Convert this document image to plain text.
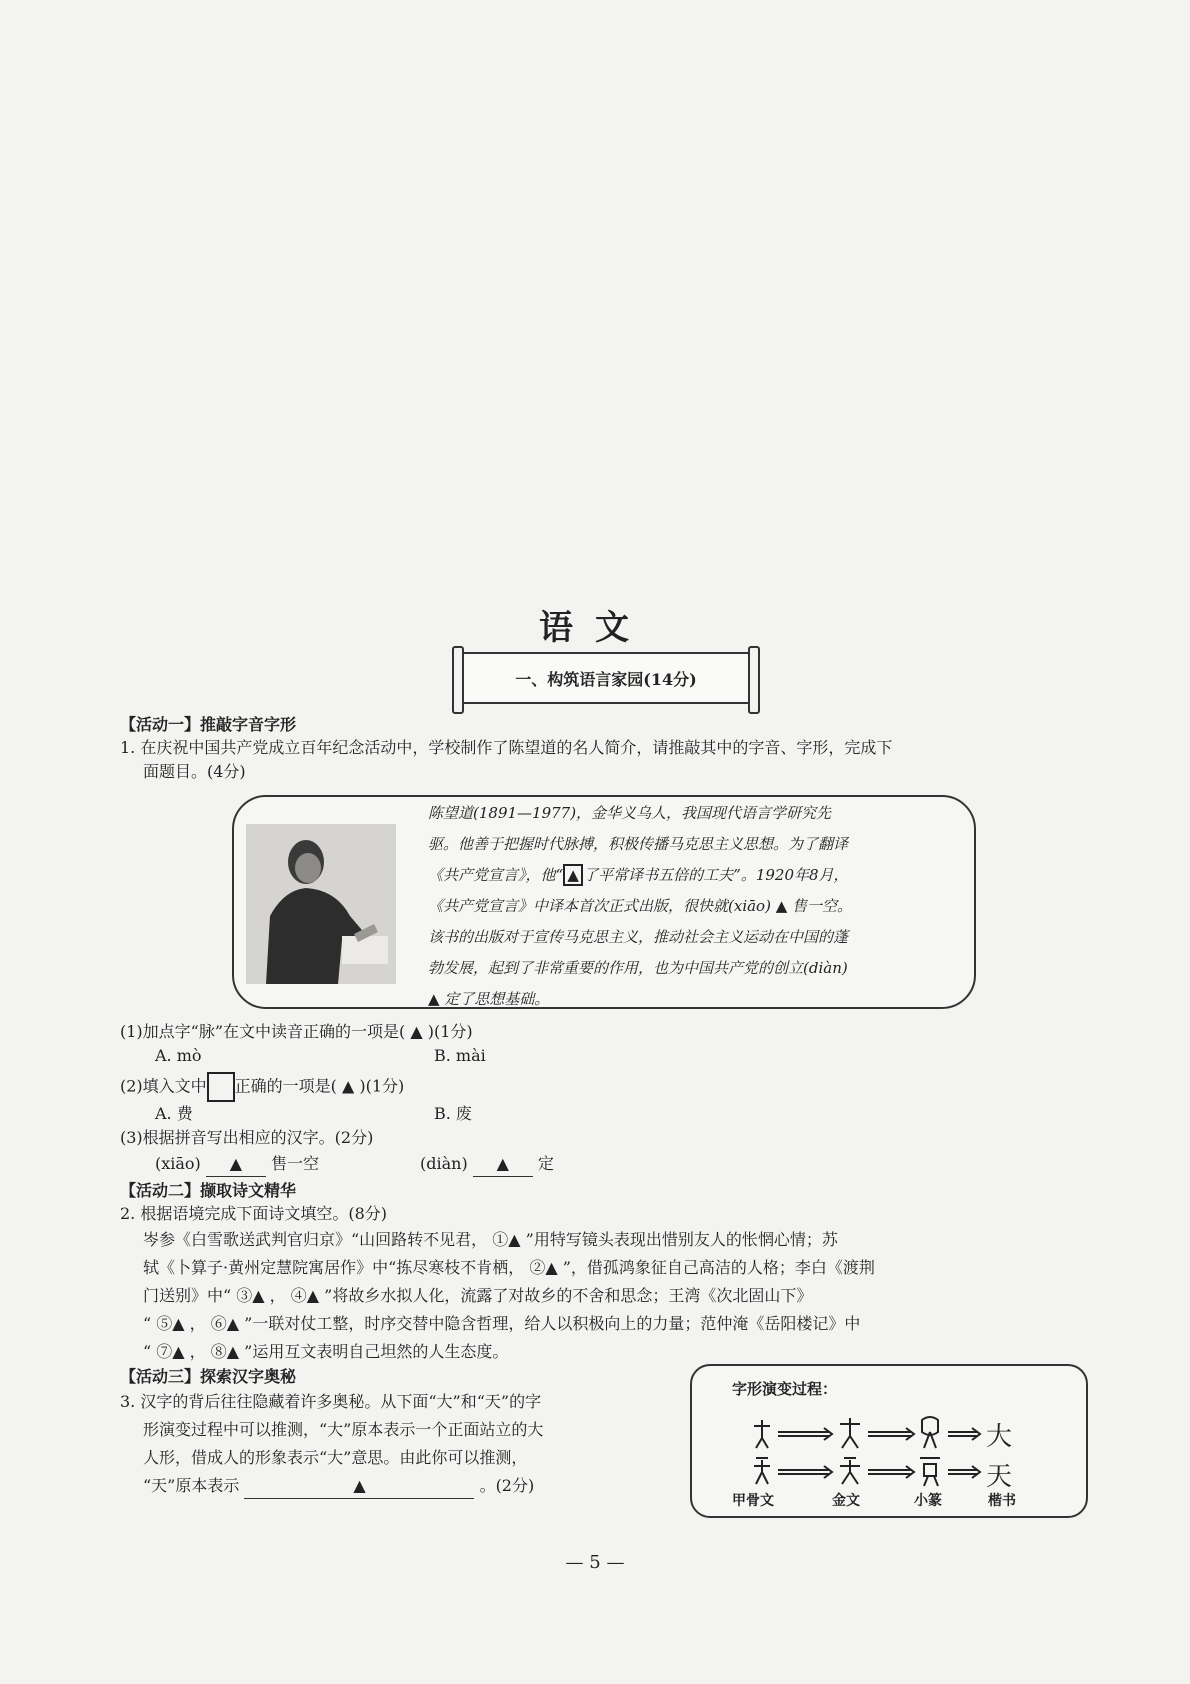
语文
一、构筑语言家园(14分)
【活动一】推敲字音字形
1. 在庆祝中国共产党成立百年纪念活动中，学校制作了陈望道的名人简介，请推敲其中的字音、字形，完成下
面题目。(4分)
陈望道(1891—1977)，金华义乌人，我国现代语言学研究先
驱。他善于把握时代脉搏，积极传播马克思主义思想。为了翻译
《共产党宣言》，他“ ▲ 了平常译书五倍的工夫”。1920年8月，
《共产党宣言》中译本首次正式出版，很快就(xiāo) ▲ 售一空。
该书的出版对于宣传马克思主义，推动社会主义运动在中国的蓬
勃发展，起到了非常重要的作用，也为中国共产党的创立(diàn)
▲ 定了思想基础。
(1)加点字“脉”在文中读音正确的一项是( ▲ )(1分)
A. mò	B. mài
(2)填入文中 正确的一项是( ▲ )(1分)
A. 费	B. 废
(3)根据拼音写出相应的汉字。(2分)
(xiāo) ▲ 售一空	(diàn) ▲ 定
【活动二】撷取诗文精华
2. 根据语境完成下面诗文填空。(8分)
岑参《白雪歌送武判官归京》“山回路转不见君， ①▲ ”用特写镜头表现出惜别友人的怅惘心情；苏
轼《卜算子·黄州定慧院寓居作》中“拣尽寒枝不肯栖， ②▲ ”，借孤鸿象征自己高洁的人格；李白《渡荆
门送别》中“ ③▲ ， ④▲ ”将故乡水拟人化，流露了对故乡的不舍和思念；王湾《次北固山下》
“ ⑤▲ ， ⑥▲ ”一联对仗工整，时序交替中隐含哲理，给人以积极向上的力量；范仲淹《岳阳楼记》中
“ ⑦▲ ， ⑧▲ ”运用互文表明自己坦然的人生态度。
【活动三】探索汉字奥秘
3. 汉字的背后往往隐藏着许多奥秘。从下面“大”和“天”的字
形演变过程中可以推测，“大”原本表示一个正面站立的大
人形，借成人的形象表示“大”意思。由此你可以推测，
“天”原本表示	▲	。(2分)
字形演变过程：
大
天
甲骨文	金文	小篆	楷书
— 5 —
